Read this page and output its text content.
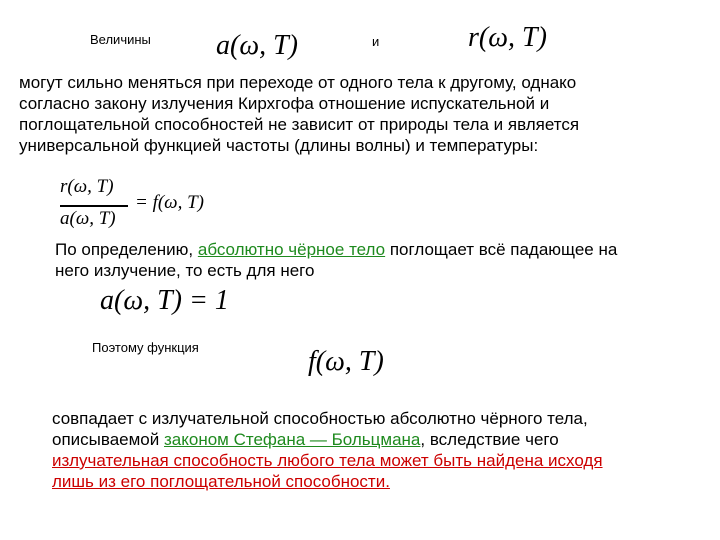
Величины a(ω, T)	и	r(ω, T)
могут сильно меняться при переходе от одного тела к другому, однако
согласно закону излучения Кирхгофа отношение испускательной и
поглощательной способностей не зависит от природы тела и является
универсальной функцией частоты (длины волны) и температуры:
r(ω, T)
a(ω, T)
= f(ω, T)
По определению, абсолютно чёрное тело поглощает всё падающее на
него излучение, то есть для него
a(ω, T) = 1
Поэтому функция	f(ω, T)
совпадает с излучательной способностью абсолютно чёрного тела,
описываемой законом Стефана — Больцмана, вследствие чего
излучательная способность любого тела может быть найдена исходя
лишь из его поглощательной способности.
